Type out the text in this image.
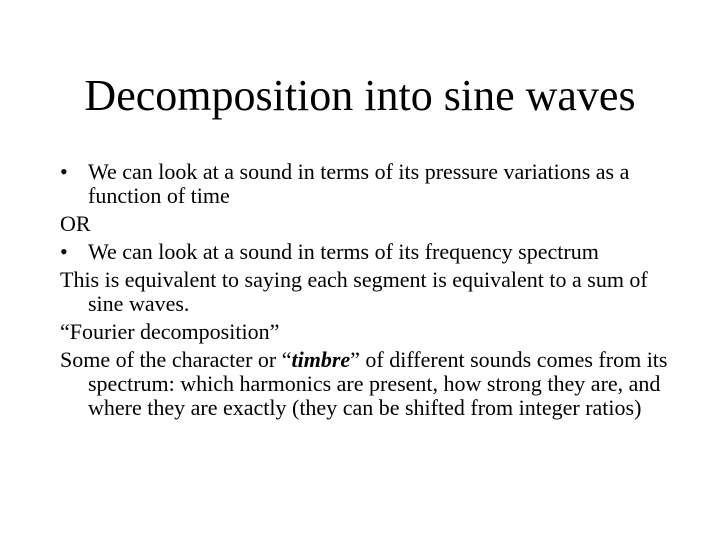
Decomposition into sine waves

• We can look at a sound in terms of its pressure variations as a function of time

OR

• We can look at a sound in terms of its frequency spectrum

This is equivalent to saying each segment is equivalent to a sum of sine waves.

“Fourier decomposition”

Some of the character or “timbre” of different sounds comes from its spectrum: which harmonics are present, how strong they are, and where they are exactly (they can be shifted from integer ratios)
